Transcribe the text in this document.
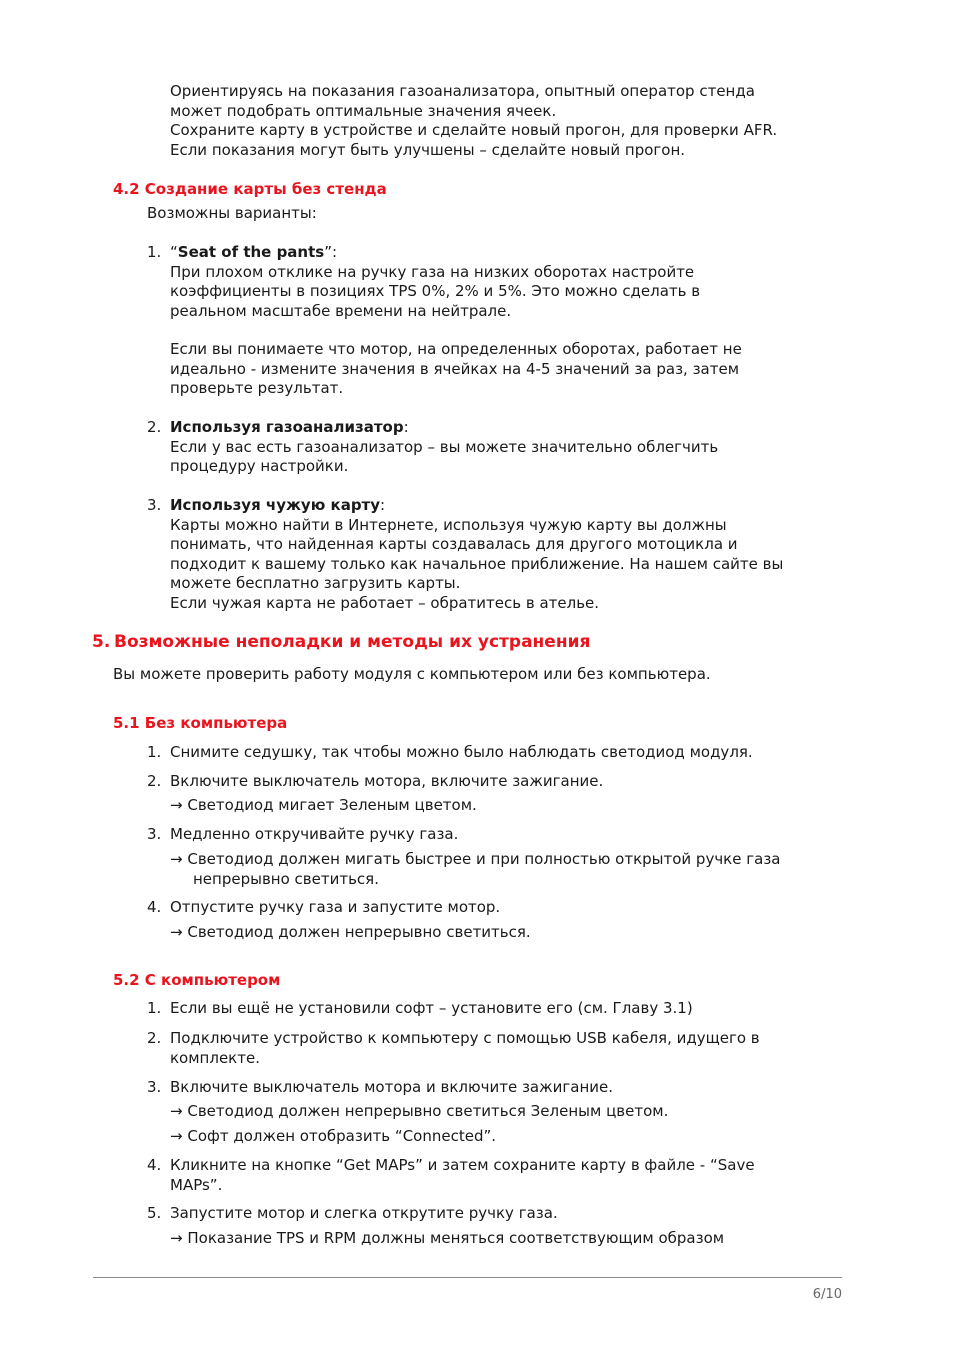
Ориентируясь на показания газоанализатора, опытный оператор стенда
может подобрать оптимальные значения ячеек.
Сохраните карту в устройстве и сделайте новый прогон, для проверки AFR.
Если показания могут быть улучшены – сделайте новый прогон.
4.2 Создание карты без стенда
Возможны варианты:
1. “Seat of the pants”:
При плохом отклике на ручку газа на низких оборотах настройте
коэффициенты в позициях TPS 0%, 2% и 5%. Это можно сделать в
реальном масштабе времени на нейтрале.
Если вы понимаете что мотор, на определенных оборотах, работает не
идеально - измените значения в ячейках на 4-5 значений за раз, затем
проверьте результат.
2. Используя газоанализатор:
Если у вас есть газоанализатор – вы можете значительно облегчить
процедуру настройки.
3. Используя чужую карту:
Карты можно найти в Интернете, используя чужую карту вы должны
понимать, что найденная карты создавалась для другого мотоцикла и
подходит к вашему только как начальное приближение. На нашем сайте вы
можете бесплатно загрузить карты.
Если чужая карта не работает – обратитесь в ателье.
5. Возможные неполадки и методы их устранения
Вы можете проверить работу модуля с компьютером или без компьютера.
5.1 Без компьютера
1. Снимите седушку, так чтобы можно было наблюдать светодиод модуля.
2. Включите выключатель мотора, включите зажигание.
→ Светодиод мигает Зеленым цветом.
3. Медленно откручивайте ручку газа.
→ Светодиод должен мигать быстрее и при полностью открытой ручке газа
непрерывно светиться.
4. Отпустите ручку газа и запустите мотор.
→ Светодиод должен непрерывно светиться.
5.2 С компьютером
1. Если вы ещё не установили софт – установите его (см. Главу 3.1)
2. Подключите устройство к компьютеру с помощью USB кабеля, идущего в
комплекте.
3. Включите выключатель мотора и включите зажигание.
→ Светодиод должен непрерывно светиться Зеленым цветом.
→ Софт должен отобразить “Connected”.
4. Кликните на кнопке “Get MAPs” и затем сохраните карту в файле - “Save
MAPs”.
5. Запустите мотор и слегка открутите ручку газа.
→ Показание TPS и RPM должны меняться соответствующим образом
6/10
